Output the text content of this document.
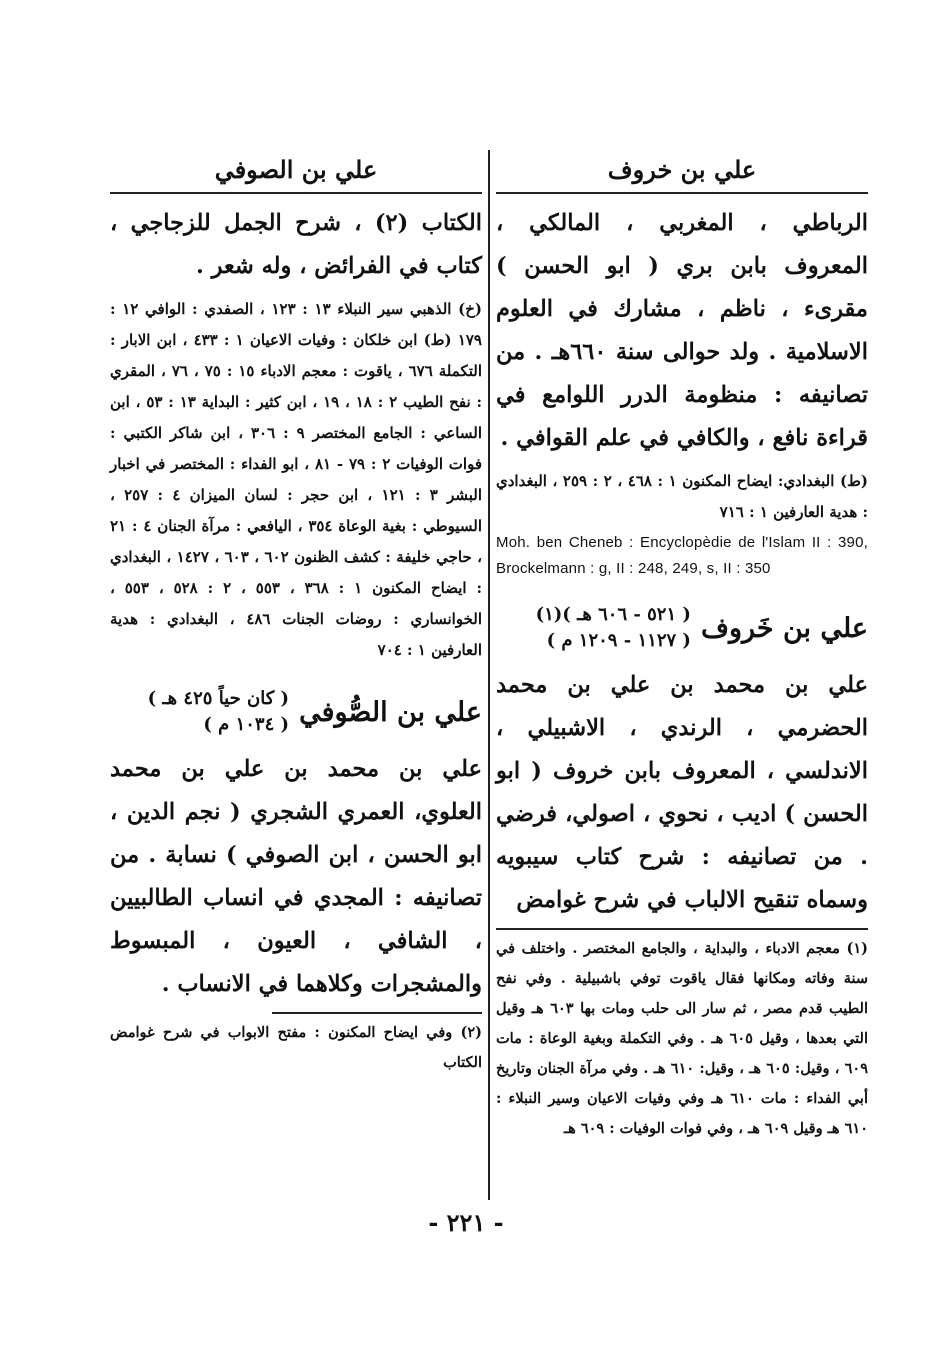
علي بن خروف

الرباطي ، المغربي ، المالكي ، المعروف بابن بري ( ابو الحسن ) مقرىء ، ناظم ، مشارك في العلوم الاسلامية . ولد حوالى سنة ٦٦٠هـ . من تصانيفه : منظومة الدرر اللوامع في قراءة نافع ، والكافي في علم القوافي .

(ط) البغدادي: ايضاح المكنون ١ : ٤٦٨ ، ٢ : ٢٥٩ ، البغدادي : هدية العارفين ١ : ٧١٦

Moh. ben Cheneb : Encyclopèdie de l'Islam II : 390, Brockelmann : g, II : 248, 249, s, II : 350

علي بن خَروف
( ٥٢١ - ٦٠٦ هـ )(١)
( ١١٢٧ - ١٢٠٩ م )

علي بن محمد بن علي بن محمد الحضرمي ، الرندي ، الاشبيلي ، الاندلسي ، المعروف بابن خروف ( ابو الحسن ) اديب ، نحوي ، اصولي، فرضي . من تصانيفه : شرح كتاب سيبويه وسماه تنقيح الالباب في شرح غوامض

(١) معجم الادباء ، والبداية ، والجامع المختصر . واختلف في سنة وفاته ومكانها فقال ياقوت توفي باشبيلية . وفي نفح الطيب قدم مصر ، ثم سار الى حلب ومات بها ٦٠٣ هـ وقيل التي بعدها ، وقيل ٦٠٥ هـ . وفي التكملة وبغية الوعاة : مات ٦٠٩ ، وقيل: ٦٠٥ هـ ، وقيل: ٦١٠ هـ . وفي مرآة الجنان وتاريخ أبي الفداء : مات ٦١٠ هـ وفي وفيات الاعيان وسير النبلاء : ٦١٠ هـ وقيل ٦٠٩ هـ ، وفي فوات الوفيات : ٦٠٩ هـ

علي بن الصوفي

الكتاب (٢) ، شرح الجمل للزجاجي ، كتاب في الفرائض ، وله شعر .

(خ) الذهبي سير النبلاء ١٣ : ١٢٣ ، الصفدي : الوافي ١٢ : ١٧٩ (ط) ابن خلكان : وفيات الاعيان ١ : ٤٣٣ ، ابن الابار : التكملة ٦٧٦ ، ياقوت : معجم الادباء ١٥ : ٧٥ ، ٧٦ ، المقري : نفح الطيب ٢ : ١٨ ، ١٩ ، ابن كثير : البداية ١٣ : ٥٣ ، ابن الساعي : الجامع المختصر ٩ : ٣٠٦ ، ابن شاكر الكتبي : فوات الوفيات ٢ : ٧٩ - ٨١ ، ابو الفداء : المختصر في اخبار البشر ٣ : ١٢١ ، ابن حجر : لسان الميزان ٤ : ٢٥٧ ، السيوطي : بغية الوعاة ٣٥٤ ، اليافعي : مرآة الجنان ٤ : ٢١ ، حاجي خليفة : كشف الظنون ٦٠٢ ، ٦٠٣ ، ١٤٢٧ ، البغدادي : ايضاح المكنون ١ : ٣٦٨ ، ٥٥٣ ، ٢ : ٥٢٨ ، ٥٥٣ ، الخوانساري : روضات الجنات ٤٨٦ ، البغدادي : هدية العارفين ١ : ٧٠٤

علي بن الصُّوفي
( كان حياً ٤٢٥ هـ )
( ١٠٣٤ م )

علي بن محمد بن علي بن محمد العلوي، العمري الشجري ( نجم الدين ، ابو الحسن ، ابن الصوفي ) نسابة . من تصانيفه : المجدي في انساب الطالبيين ، الشافي ، العيون ، المبسوط والمشجرات وكلاهما في الانساب .

(٢) وفي ايضاح المكنون : مفتح الابواب في شرح غوامض الكتاب

- ٢٢١ -
